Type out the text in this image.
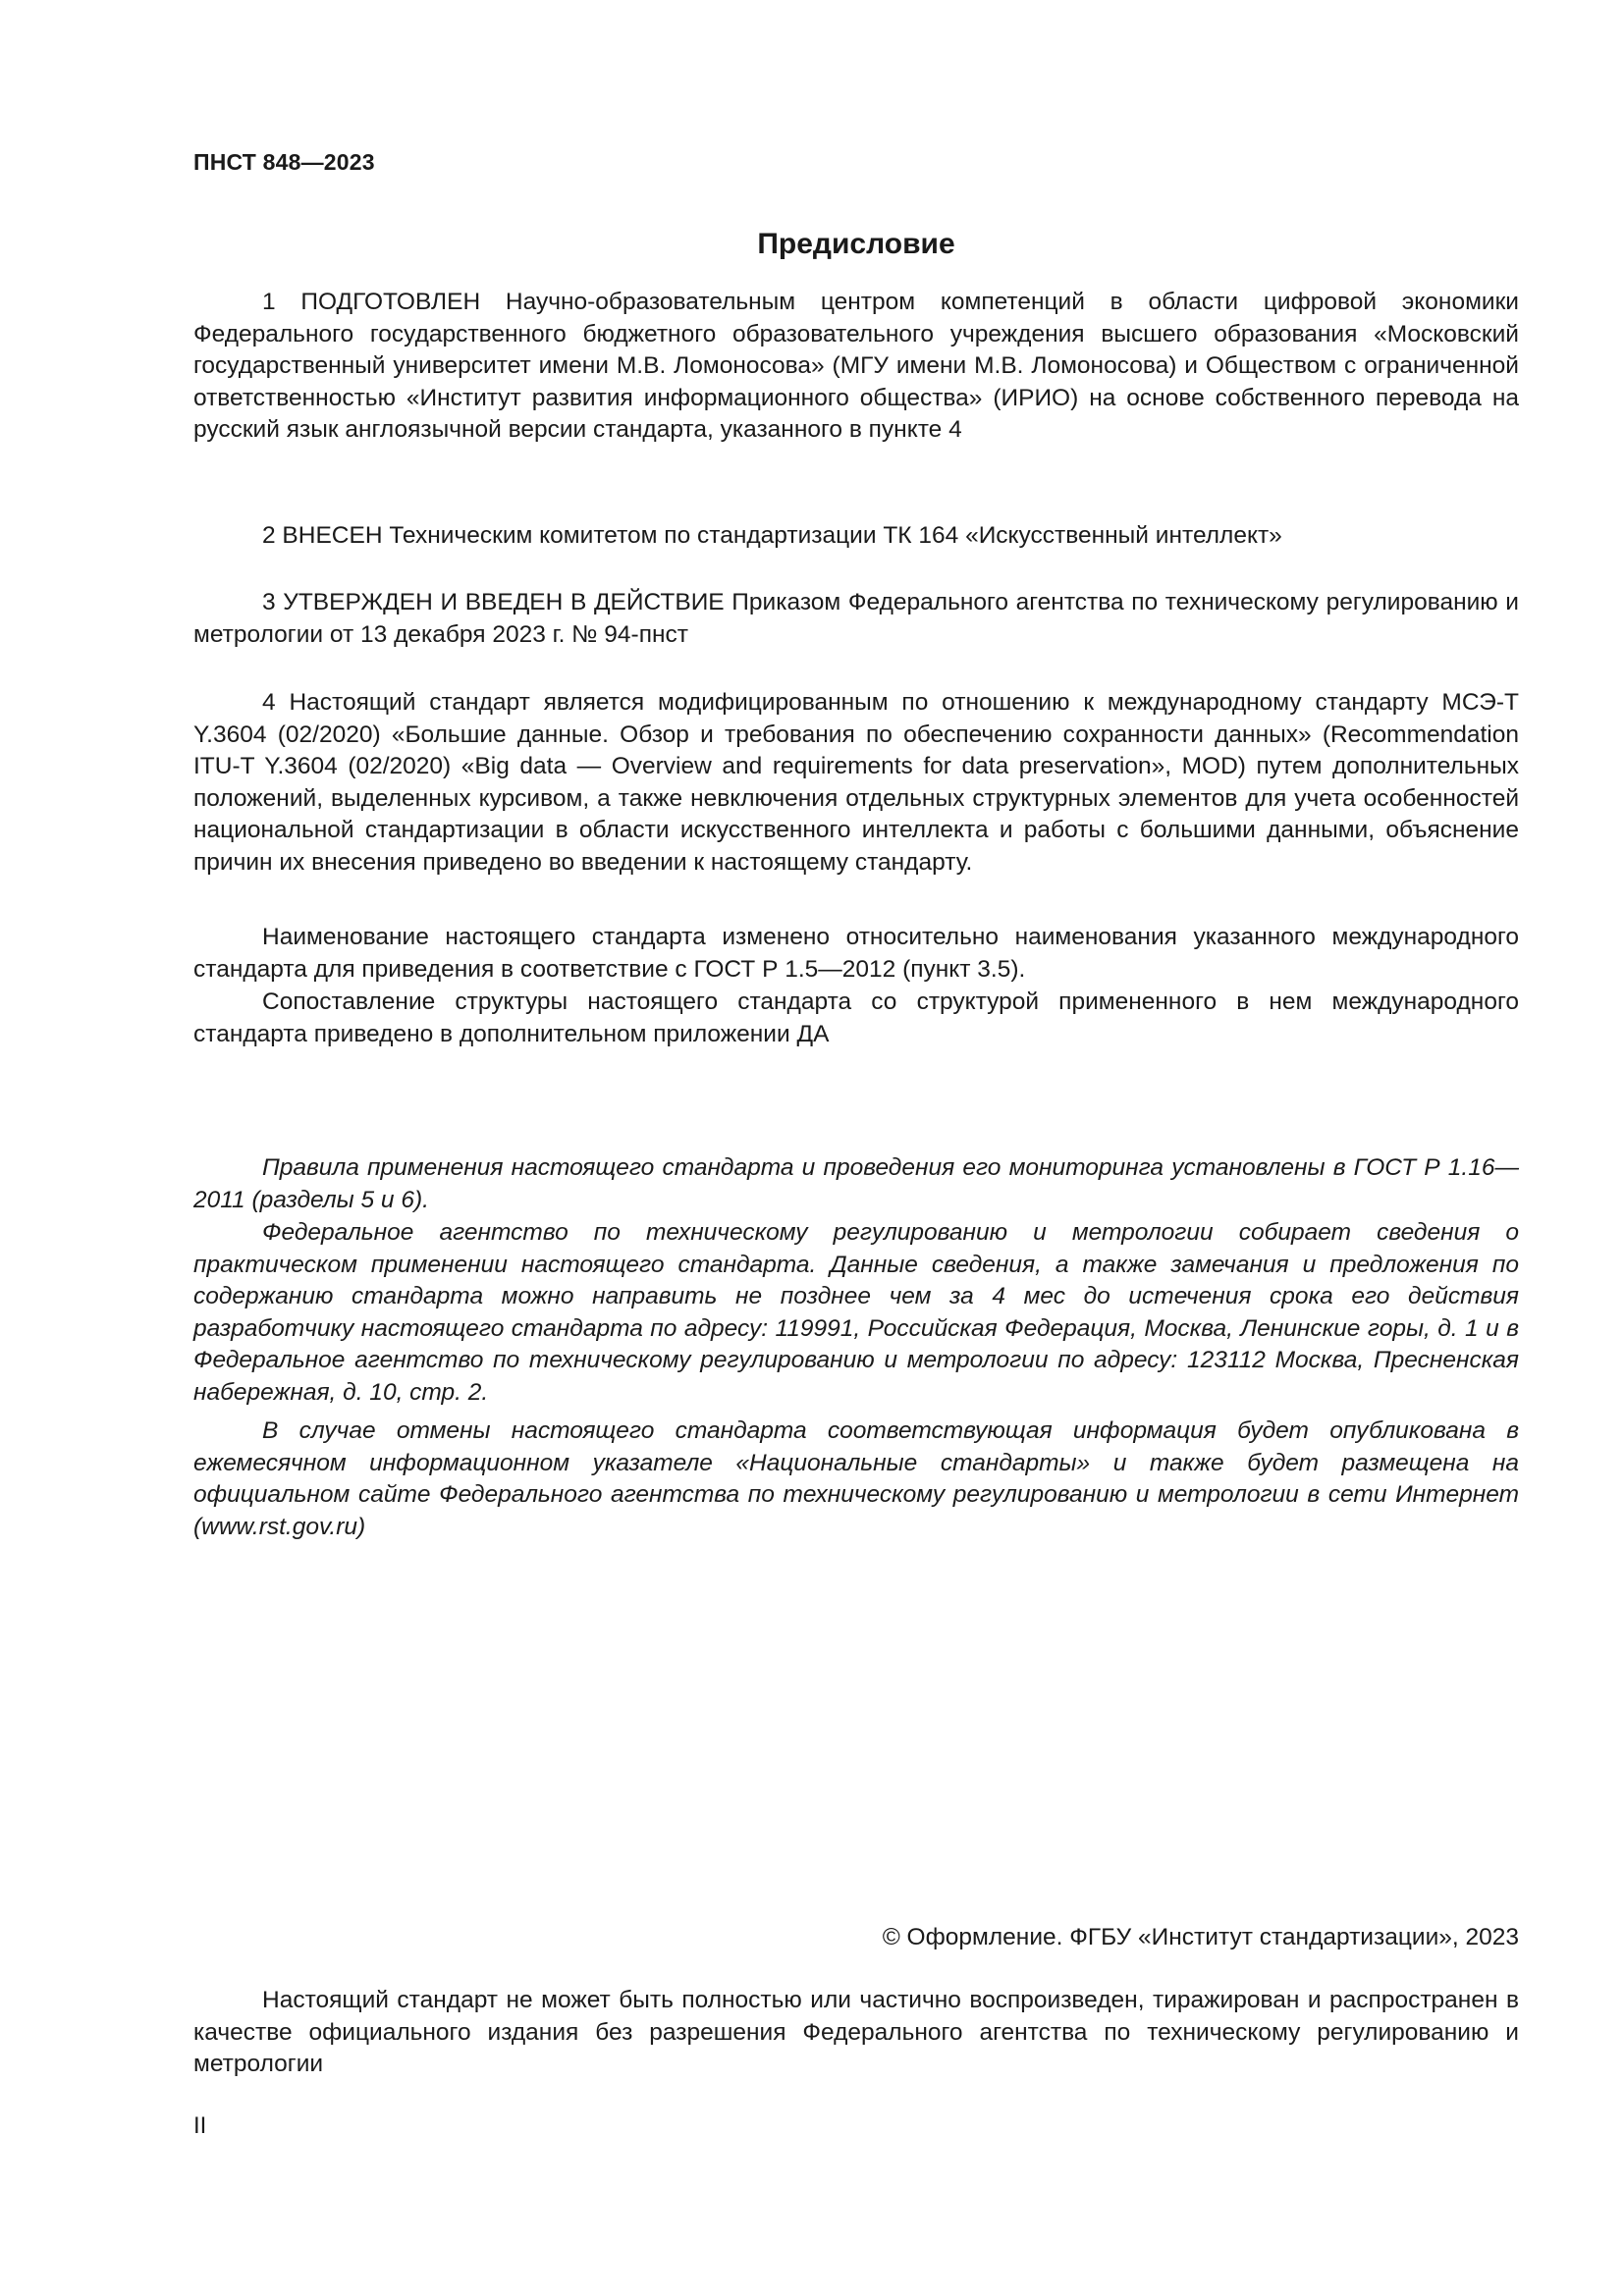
ПНСТ 848—2023
Предисловие

1 ПОДГОТОВЛЕН Научно-образовательным центром компетенций в области цифровой экономики Федерального государственного бюджетного образовательного учреждения высшего образования «Московский государственный университет имени М.В. Ломоносова» (МГУ имени М.В. Ломоносова) и Обществом с ограниченной ответственностью «Институт развития информационного общества» (ИРИО) на основе собственного перевода на русский язык англоязычной версии стандарта, указанного в пункте 4

2 ВНЕСЕН Техническим комитетом по стандартизации ТК 164 «Искусственный интеллект»

3 УТВЕРЖДЕН И ВВЕДЕН В ДЕЙСТВИЕ Приказом Федерального агентства по техническому регулированию и метрологии от 13 декабря 2023 г. № 94-пнст

4 Настоящий стандарт является модифицированным по отношению к международному стандарту МСЭ-Т Y.3604 (02/2020) «Большие данные. Обзор и требования по обеспечению сохранности данных» (Recommendation ITU-T Y.3604 (02/2020) «Big data — Overview and requirements for data preservation», MOD) путем дополнительных положений, выделенных курсивом, а также невключения отдельных структурных элементов для учета особенностей национальной стандартизации в области искусственного интеллекта и работы с большими данными, объяснение причин их внесения приведено во введении к настоящему стандарту.

Наименование настоящего стандарта изменено относительно наименования указанного международного стандарта для приведения в соответствие с ГОСТ Р 1.5—2012 (пункт 3.5).

Сопоставление структуры настоящего стандарта со структурой примененного в нем международного стандарта приведено в дополнительном приложении ДА

Правила применения настоящего стандарта и проведения его мониторинга установлены в ГОСТ Р 1.16—2011 (разделы 5 и 6).

Федеральное агентство по техническому регулированию и метрологии собирает сведения о практическом применении настоящего стандарта. Данные сведения, а также замечания и предложения по содержанию стандарта можно направить не позднее чем за 4 мес до истечения срока его действия разработчику настоящего стандарта по адресу: 119991, Российская Федерация, Москва, Ленинские горы, д. 1 и в Федеральное агентство по техническому регулированию и метрологии по адресу: 123112 Москва, Пресненская набережная, д. 10, стр. 2.

В случае отмены настоящего стандарта соответствующая информация будет опубликована в ежемесячном информационном указателе «Национальные стандарты» и также будет размещена на официальном сайте Федерального агентства по техническому регулированию и метрологии в сети Интернет (www.rst.gov.ru)

© Оформление. ФГБУ «Институт стандартизации», 2023

Настоящий стандарт не может быть полностью или частично воспроизведен, тиражирован и распространен в качестве официального издания без разрешения Федерального агентства по техническому регулированию и метрологии

II
